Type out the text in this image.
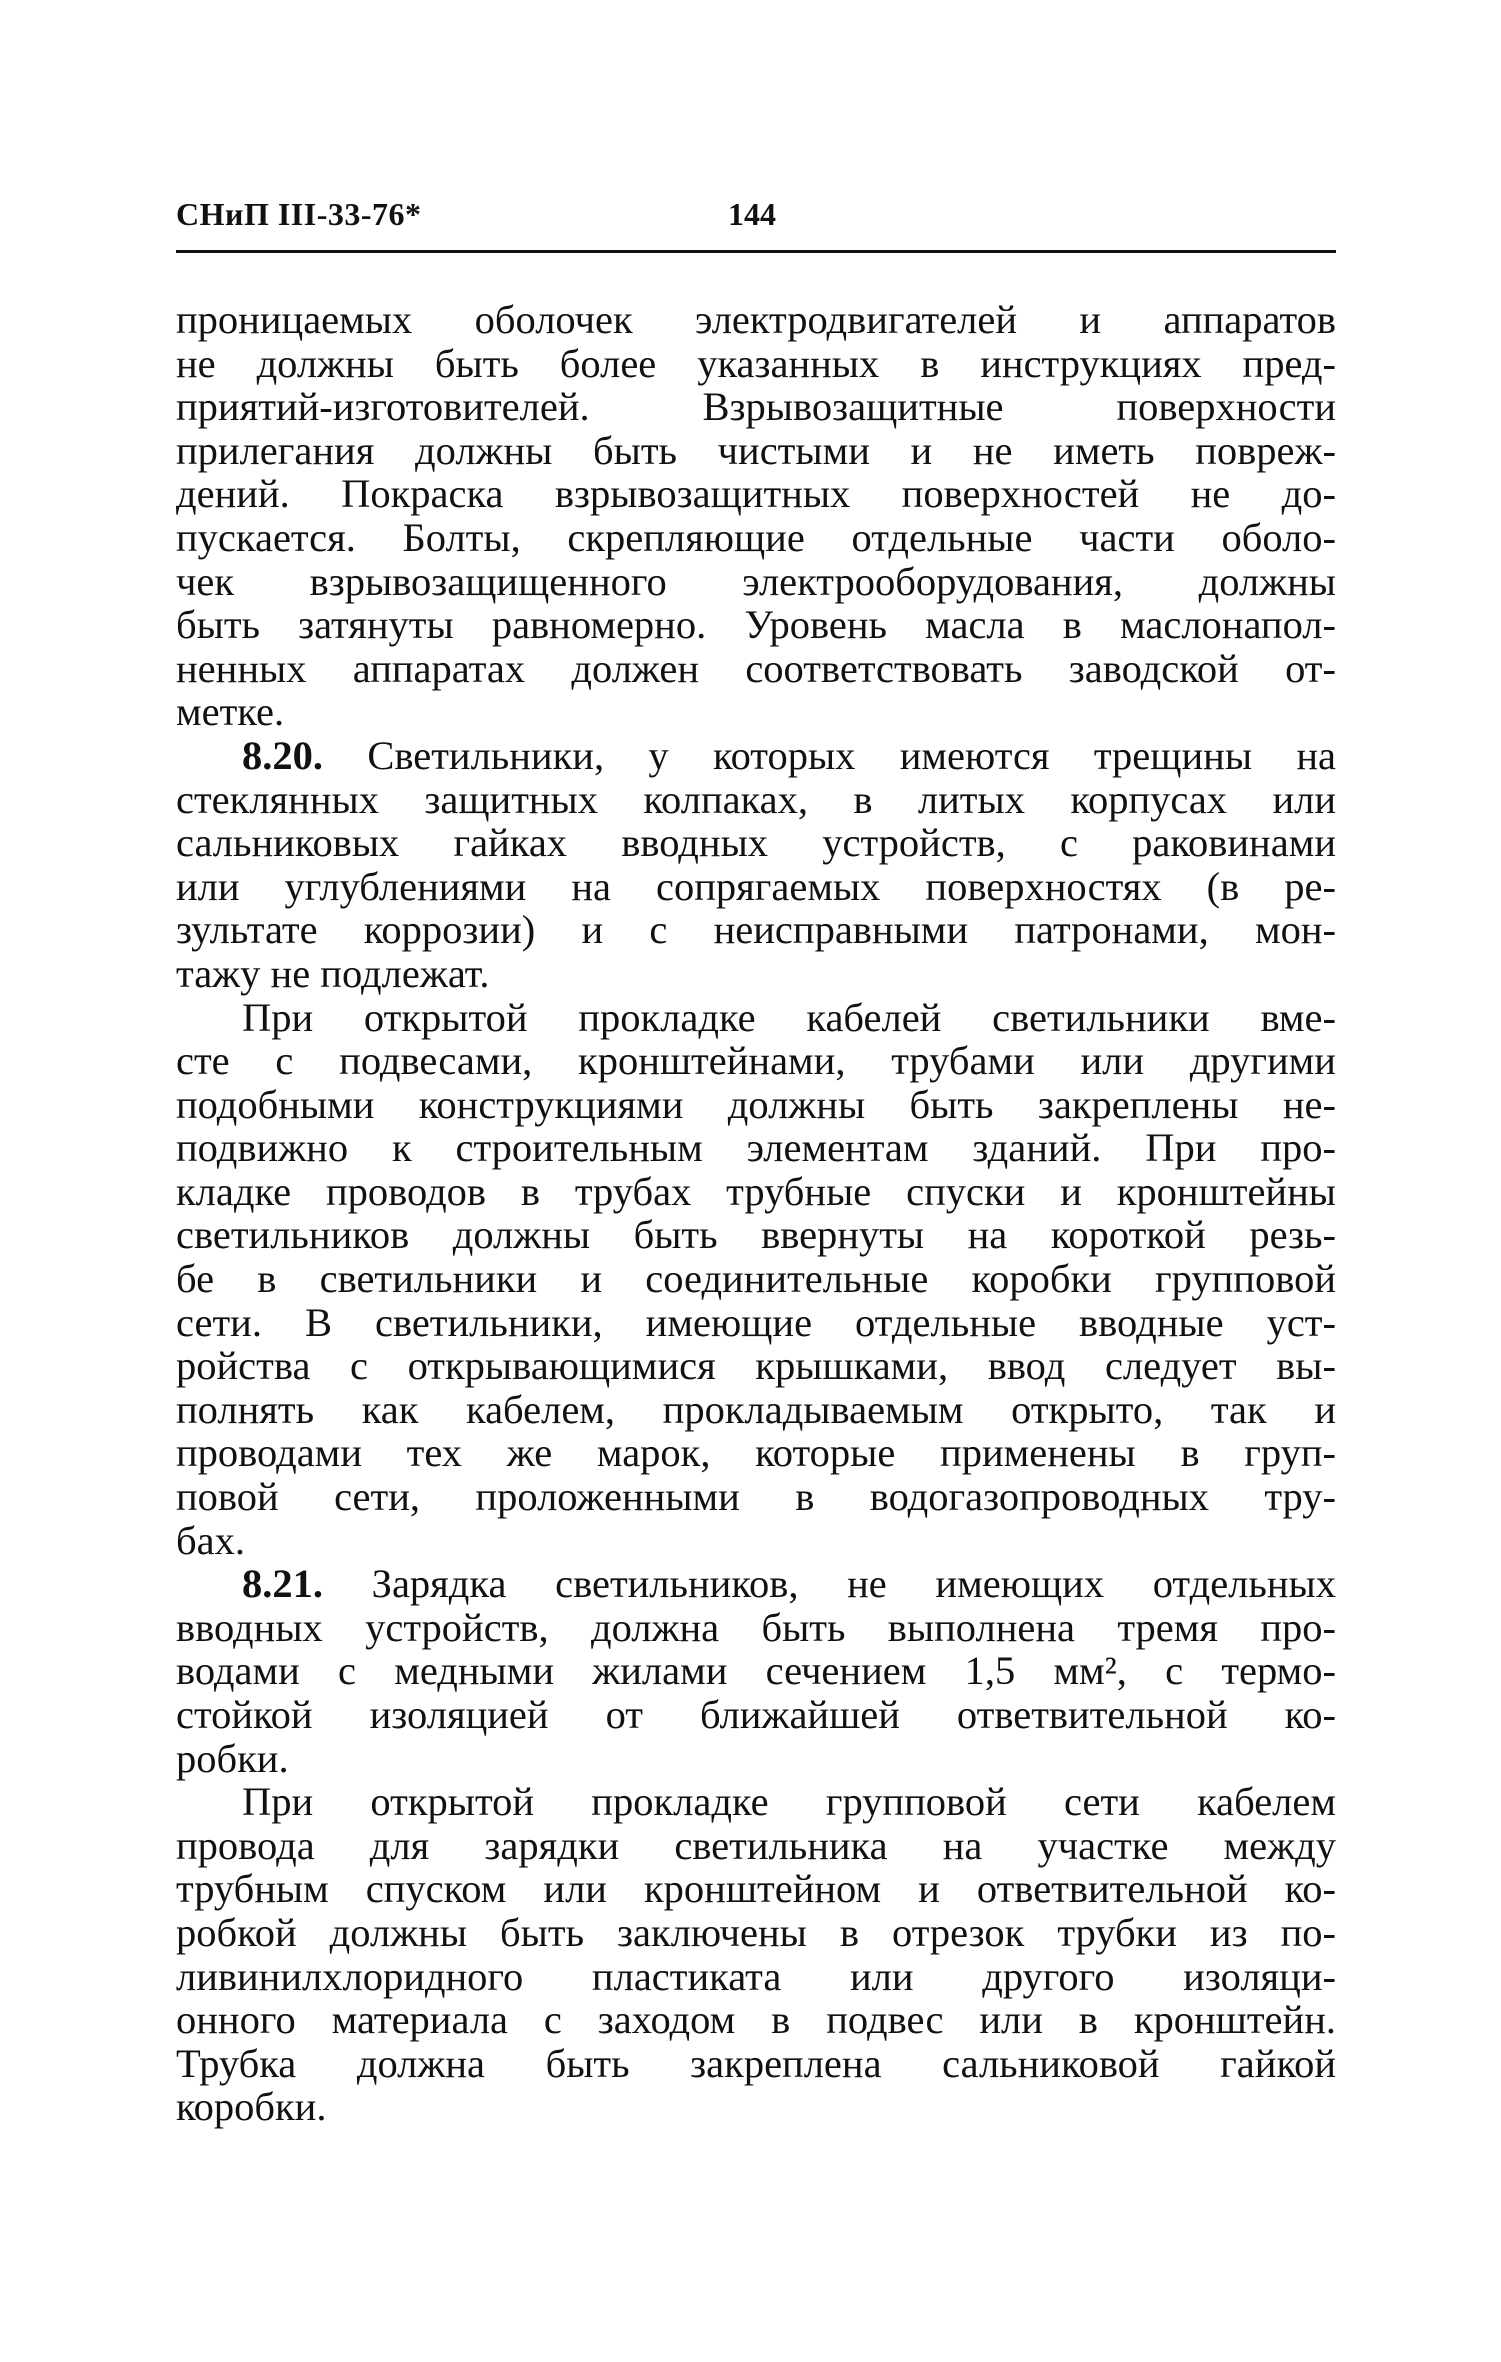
СНиП III-33-76*	144
проницаемых оболочек электродвигателей и аппаратов
не должны быть более указанных в инструкциях пред-
приятий-изготовителей. Взрывозащитные поверхности
прилегания должны быть чистыми и не иметь повреж-
дений. Покраска взрывозащитных поверхностей не до-
пускается. Болты, скрепляющие отдельные части оболо-
чек взрывозащищенного электрооборудования, должны
быть затянуты равномерно. Уровень масла в маслонапол-
ненных аппаратах должен соответствовать заводской от-
метке.
8.20. Светильники, у которых имеются трещины на
стеклянных защитных колпаках, в литых корпусах или
сальниковых гайках вводных устройств, с раковинами
или углублениями на сопрягаемых поверхностях (в ре-
зультате коррозии) и с неисправными патронами, мон-
тажу не подлежат.
При открытой прокладке кабелей светильники вме-
сте с подвесами, кронштейнами, трубами или другими
подобными конструкциями должны быть закреплены не-
подвижно к строительным элементам зданий. При про-
кладке проводов в трубах трубные спуски и кронштейны
светильников должны быть ввернуты на короткой резь-
бе в светильники и соединительные коробки групповой
сети. В светильники, имеющие отдельные вводные уст-
ройства с открывающимися крышками, ввод следует вы-
полнять как кабелем, прокладываемым открыто, так и
проводами тех же марок, которые применены в груп-
повой сети, проложенными в водогазопроводных тру-
бах.
8.21. Зарядка светильников, не имеющих отдельных
вводных устройств, должна быть выполнена тремя про-
водами с медными жилами сечением 1,5 мм², с термо-
стойкой изоляцией от ближайшей ответвительной ко-
робки.
При открытой прокладке групповой сети кабелем
провода для зарядки светильника на участке между
трубным спуском или кронштейном и ответвительной ко-
робкой должны быть заключены в отрезок трубки из по-
ливинилхлоридного пластиката или другого изоляци-
онного материала с заходом в подвес или в кронштейн.
Трубка должна быть закреплена сальниковой гайкой
коробки.
